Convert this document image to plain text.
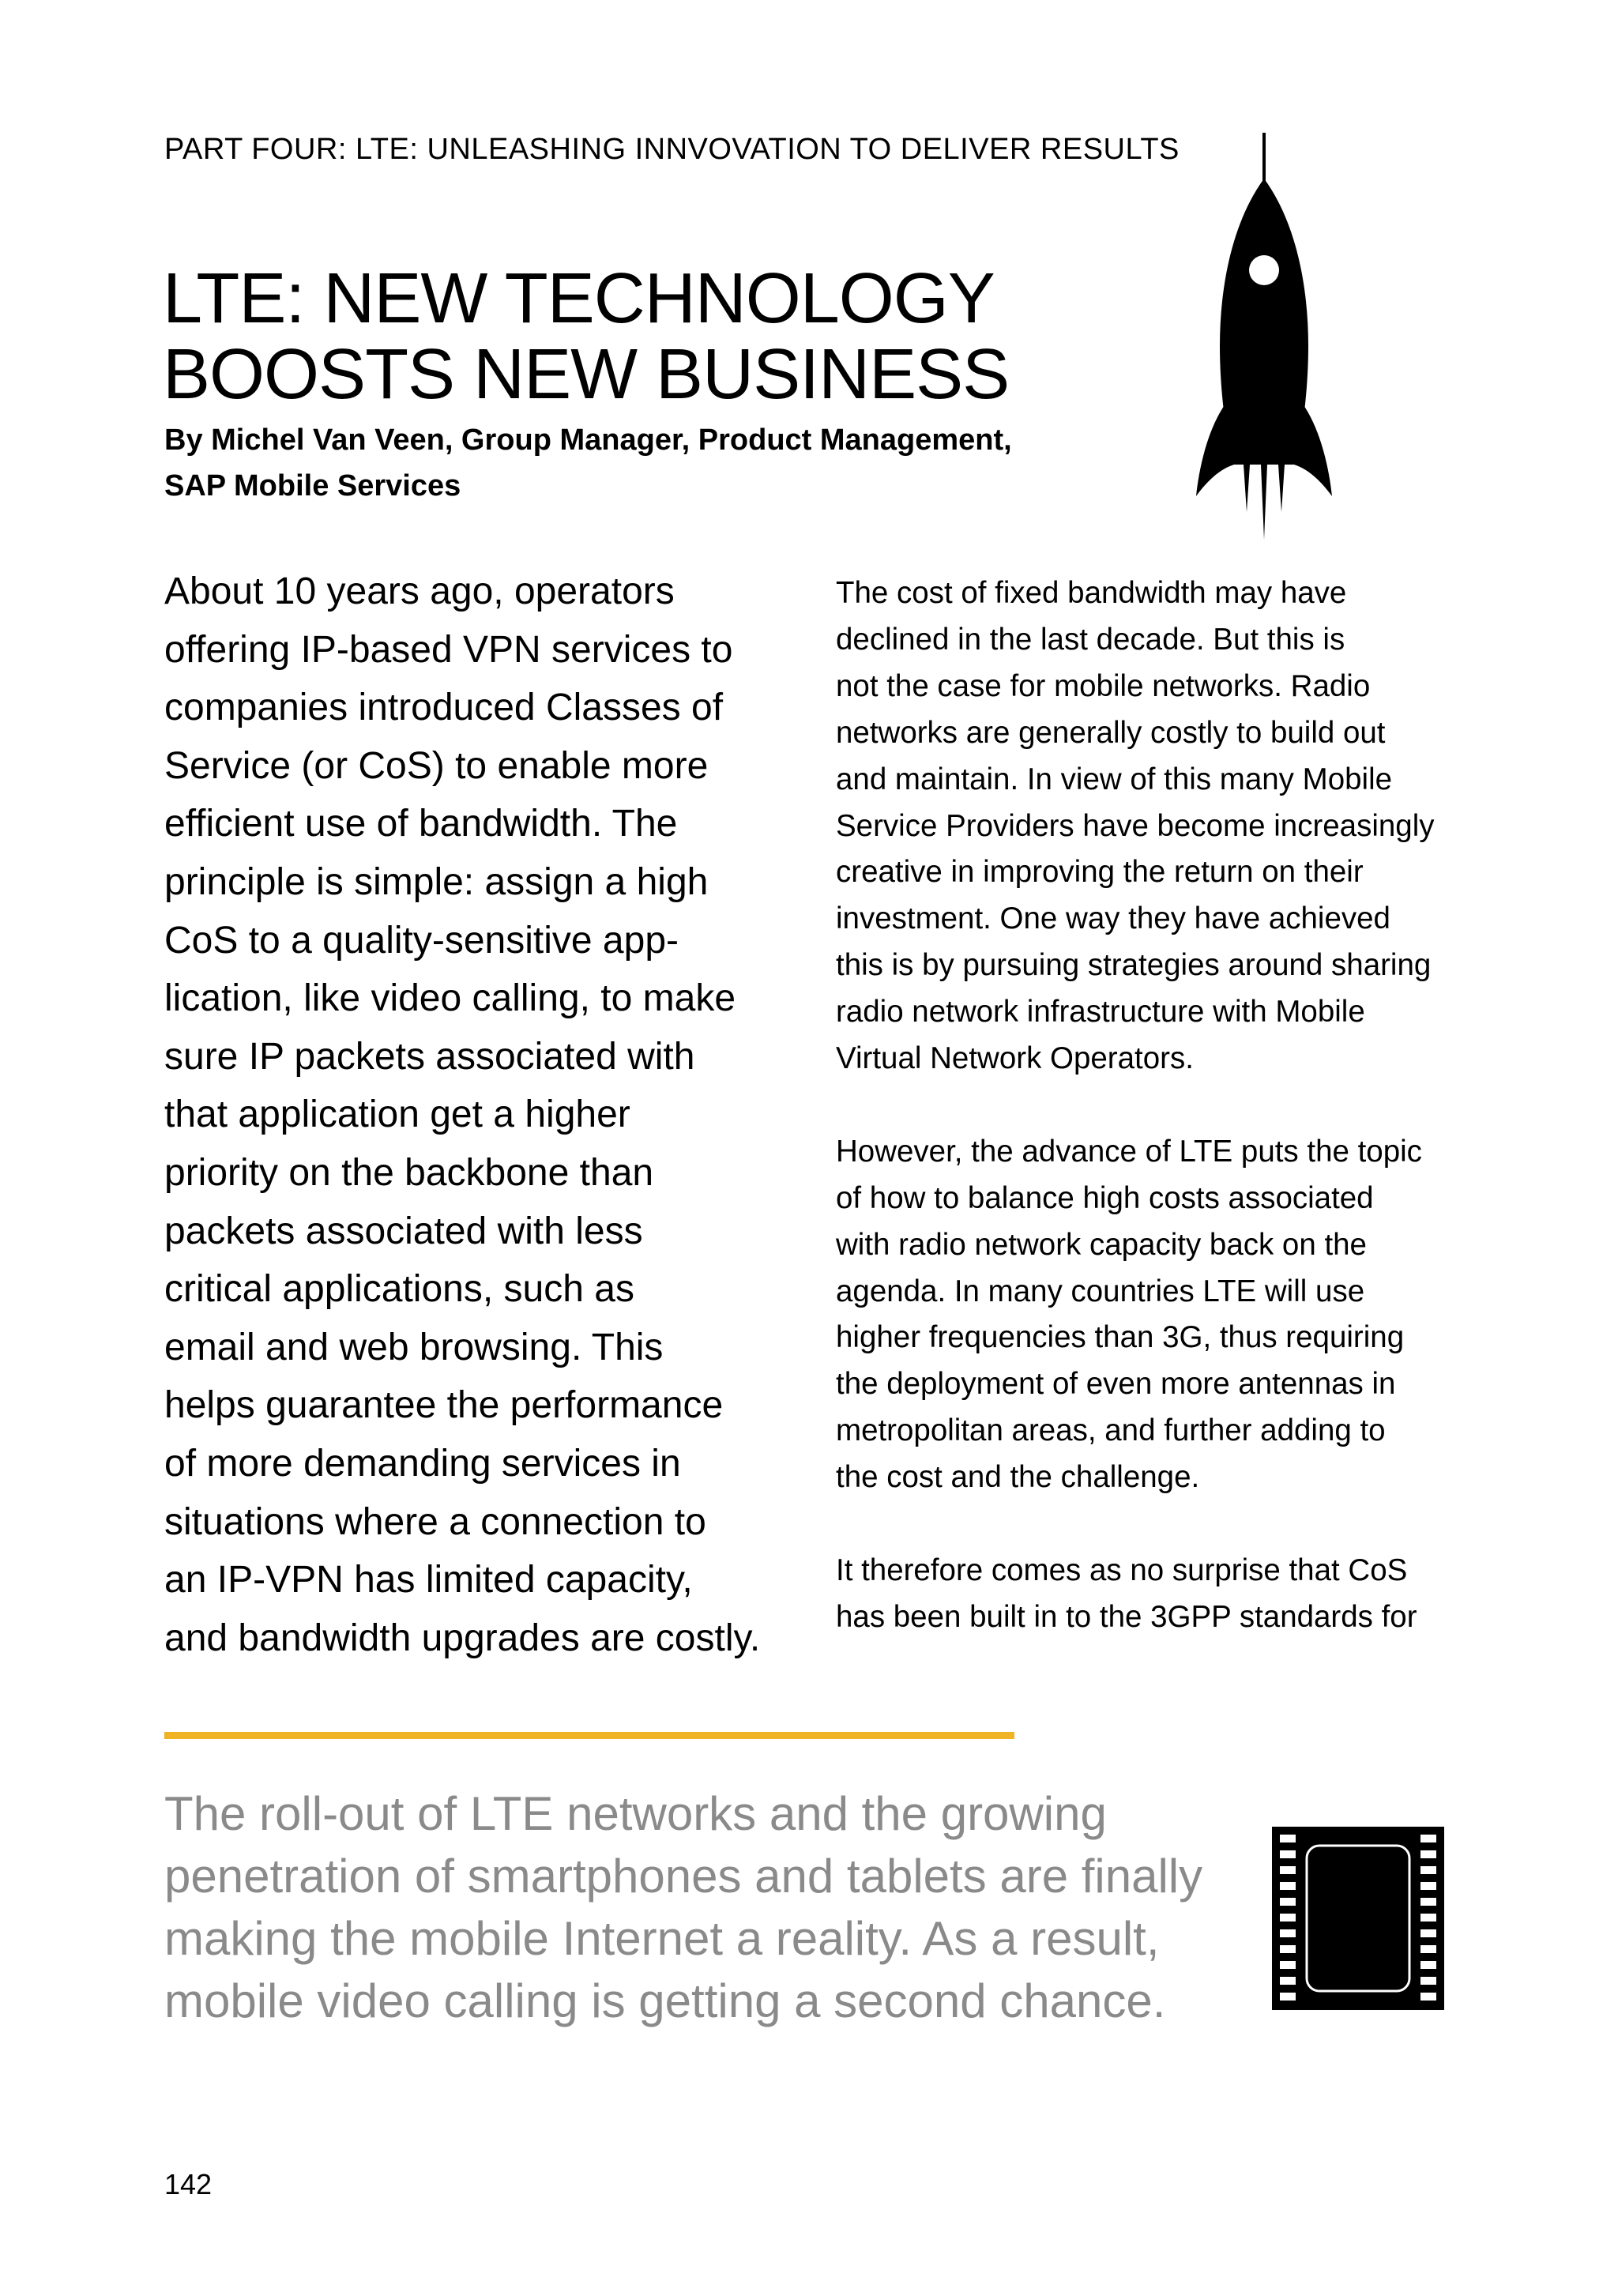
PART FOUR: LTE: UNLEASHING INNVOVATION TO DELIVER RESULTS
LTE: NEW TECHNOLOGY
BOOSTS NEW BUSINESS
By Michel Van Veen, Group Manager, Product Management,
SAP Mobile Services
About 10 years ago, operators
offering IP-based VPN services to
companies introduced Classes of
Service (or CoS) to enable more
efficient use of bandwidth. The
principle is simple: assign a high
CoS to a quality-sensitive app-
lication, like video calling, to make
sure IP packets associated with
that application get a higher
priority on the backbone than
packets associated with less
critical applications, such as
email and web browsing. This
helps guarantee the performance
of more demanding services in
situations where a connection to
an IP-VPN has limited capacity,
and bandwidth upgrades are costly.
The cost of fixed bandwidth may have
declined in the last decade. But this is
not the case for mobile networks. Radio
networks are generally costly to build out
and maintain. In view of this many Mobile
Service Providers have become increasingly
creative in improving the return on their
investment. One way they have achieved
this is by pursuing strategies around sharing
radio network infrastructure with Mobile
Virtual Network Operators.
However, the advance of LTE puts the topic
of how to balance high costs associated
with radio network capacity back on the
agenda. In many countries LTE will use
higher frequencies than 3G, thus requiring
the deployment of even more antennas in
metropolitan areas, and further adding to
the cost and the challenge.
It therefore comes as no surprise that CoS
has been built in to the 3GPP standards for
The roll-out of LTE networks and the growing
penetration of smartphones and tablets are finally
making the mobile Internet a reality. As a result,
mobile video calling is getting a second chance.
142
